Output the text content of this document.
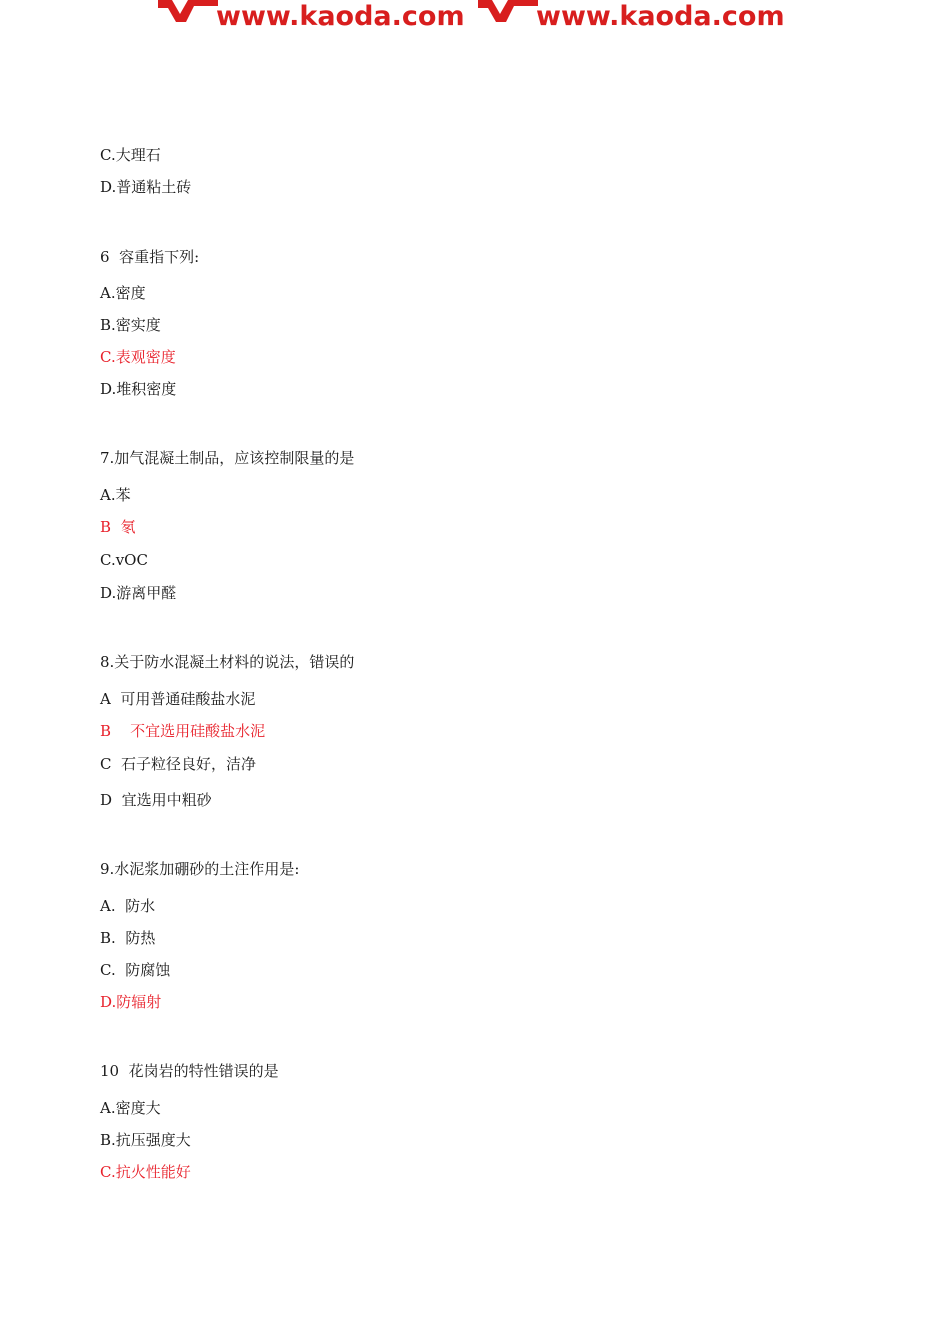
www.kaoda.com	www.kaoda.com
C.大理石
D.普通粘土砖
6  容重指下列:
A.密度
B.密实度
C.表观密度
D.堆积密度
7.加气混凝土制品，应该控制限量的是
A.苯
B  氡
C.vOC
D.游离甲醛
8.关于防水混凝土材料的说法，错误的
A  可用普通硅酸盐水泥
B    不宜选用硅酸盐水泥
C  石子粒径良好，洁净
D  宜选用中粗砂
9.水泥浆加硼砂的土注作用是:
A.  防水
B.  防热
C.  防腐蚀
D.防辐射
10  花岗岩的特性错误的是
A.密度大
B.抗压强度大
C.抗火性能好
